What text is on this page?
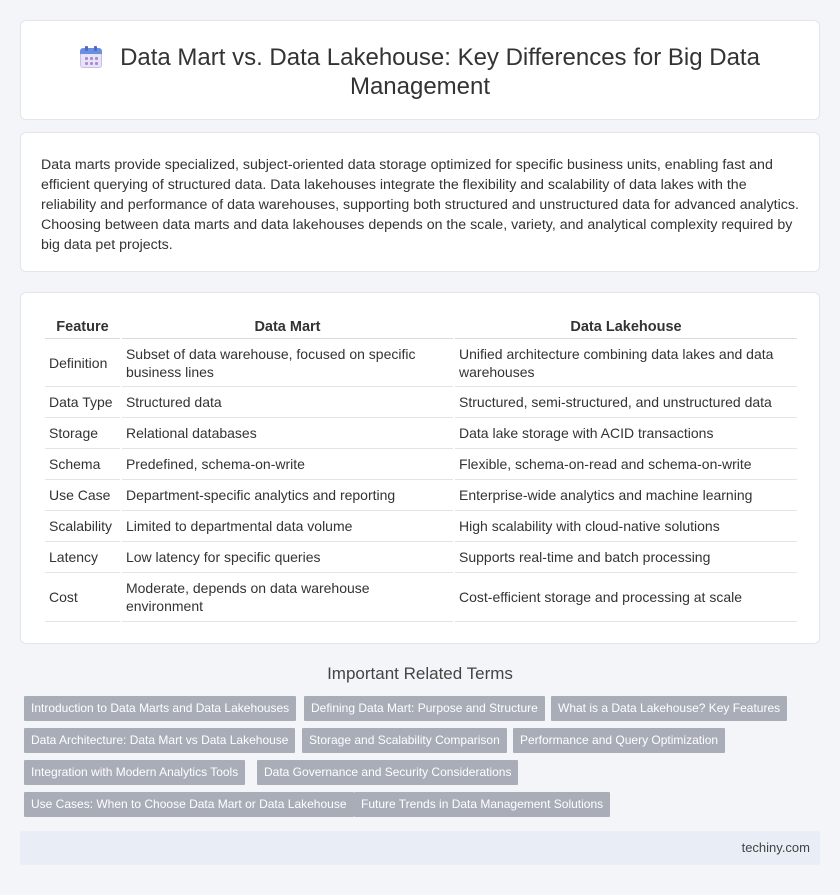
Data Mart vs. Data Lakehouse: Key Differences for Big Data Management

Data marts provide specialized, subject-oriented data storage optimized for specific business units, enabling fast and efficient querying of structured data. Data lakehouses integrate the flexibility and scalability of data lakes with the reliability and performance of data warehouses, supporting both structured and unstructured data for advanced analytics. Choosing between data marts and data lakehouses depends on the scale, variety, and analytical complexity required by big data pet projects.

Feature	Data Mart	Data Lakehouse
Definition	Subset of data warehouse, focused on specific business lines	Unified architecture combining data lakes and data warehouses
Data Type	Structured data	Structured, semi-structured, and unstructured data
Storage	Relational databases	Data lake storage with ACID transactions
Schema	Predefined, schema-on-write	Flexible, schema-on-read and schema-on-write
Use Case	Department-specific analytics and reporting	Enterprise-wide analytics and machine learning
Scalability	Limited to departmental data volume	High scalability with cloud-native solutions
Latency	Low latency for specific queries	Supports real-time and batch processing
Cost	Moderate, depends on data warehouse environment	Cost-efficient storage and processing at scale
Important Related Terms
Introduction to Data Marts and Data Lakehouses	Defining Data Mart: Purpose and Structure	What is a Data Lakehouse? Key Features
Data Architecture: Data Mart vs Data Lakehouse	Storage and Scalability Comparison	Performance and Query Optimization
Integration with Modern Analytics Tools	Data Governance and Security Considerations
Use Cases: When to Choose Data Mart or Data Lakehouse	Future Trends in Data Management Solutions
techiny.com
